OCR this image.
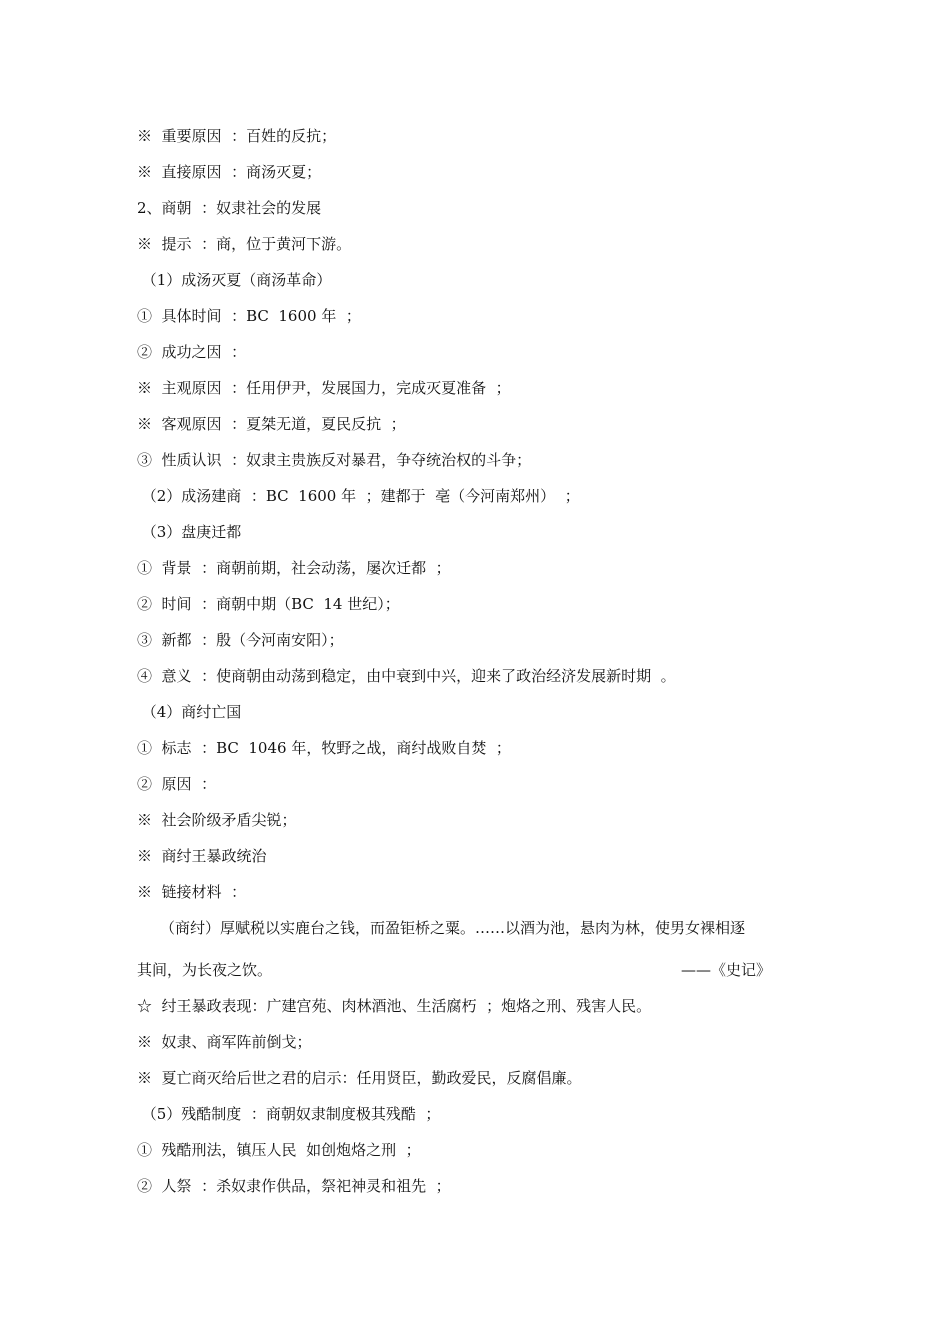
※  重要原因  ：百姓的反抗；
※  直接原因  ：商汤灭夏；
2、商朝  ：奴隶社会的发展
※  提示  ：商，位于黄河下游。
（1）成汤灭夏（商汤革命）
①  具体时间  ：BC  1600 年  ；
②  成功之因  ：
※  主观原因  ：任用伊尹，发展国力，完成灭夏准备  ；
※  客观原因  ：夏桀无道，夏民反抗  ；
③  性质认识  ：奴隶主贵族反对暴君，争夺统治权的斗争；
（2）成汤建商  ：BC  1600 年  ；建都于  亳（今河南郑州）  ；
（3）盘庚迁都
①  背景  ：商朝前期，社会动荡，屡次迁都  ；
②  时间  ：商朝中期（BC  14 世纪）；
③  新都  ：殷（今河南安阳）；
④  意义  ：使商朝由动荡到稳定，由中衰到中兴，迎来了政治经济发展新时期  。
（4）商纣亡国
①  标志  ：BC  1046 年，牧野之战，商纣战败自焚  ；
②  原因  ：
※  社会阶级矛盾尖锐；
※  商纣王暴政统治
※  链接材料  ：
（商纣）厚赋税以实鹿台之钱，而盈钜桥之粟。……以酒为池，悬肉为林，使男女裸相逐
其间，为长夜之饮。	——《史记》
☆  纣王暴政表现：广建宫苑、肉林酒池、生活腐朽  ；炮烙之刑、残害人民。
※  奴隶、商军阵前倒戈；
※  夏亡商灭给后世之君的启示：任用贤臣，勤政爱民，反腐倡廉。
（5）残酷制度  ：商朝奴隶制度极其残酷  ；
①  残酷刑法，镇压人民  如创炮烙之刑  ；
②  人祭  ：杀奴隶作供品，祭祀神灵和祖先  ；
